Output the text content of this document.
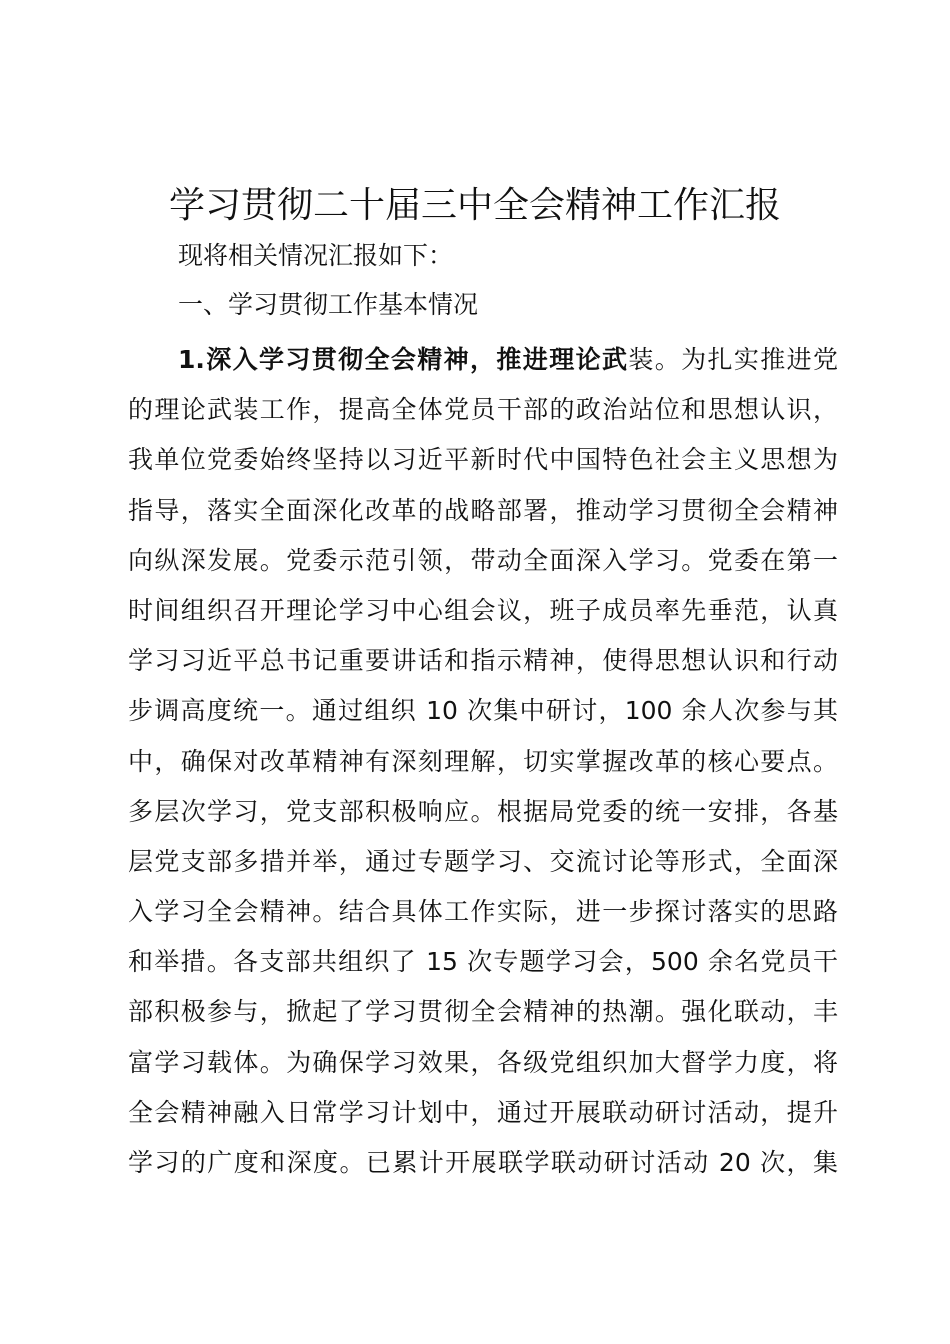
学习贯彻二十届三中全会精神工作汇报

现将相关情况汇报如下：

一、学习贯彻工作基本情况

1.深入学习贯彻全会精神，推进理论武装。为扎实推进党
的理论武装工作，提高全体党员干部的政治站位和思想认识，
我单位党委始终坚持以习近平新时代中国特色社会主义思想为
指导，落实全面深化改革的战略部署，推动学习贯彻全会精神
向纵深发展。党委示范引领，带动全面深入学习。党委在第一
时间组织召开理论学习中心组会议，班子成员率先垂范，认真
学习习近平总书记重要讲话和指示精神，使得思想认识和行动
步调高度统一。通过组织 10 次集中研讨，100 余人次参与其
中，确保对改革精神有深刻理解，切实掌握改革的核心要点。
多层次学习，党支部积极响应。根据局党委的统一安排，各基
层党支部多措并举，通过专题学习、交流讨论等形式，全面深
入学习全会精神。结合具体工作实际，进一步探讨落实的思路
和举措。各支部共组织了 15 次专题学习会，500 余名党员干
部积极参与，掀起了学习贯彻全会精神的热潮。强化联动，丰
富学习载体。为确保学习效果，各级党组织加大督学力度，将
全会精神融入日常学习计划中，通过开展联动研讨活动，提升
学习的广度和深度。已累计开展联学联动研讨活动 20 次，集
